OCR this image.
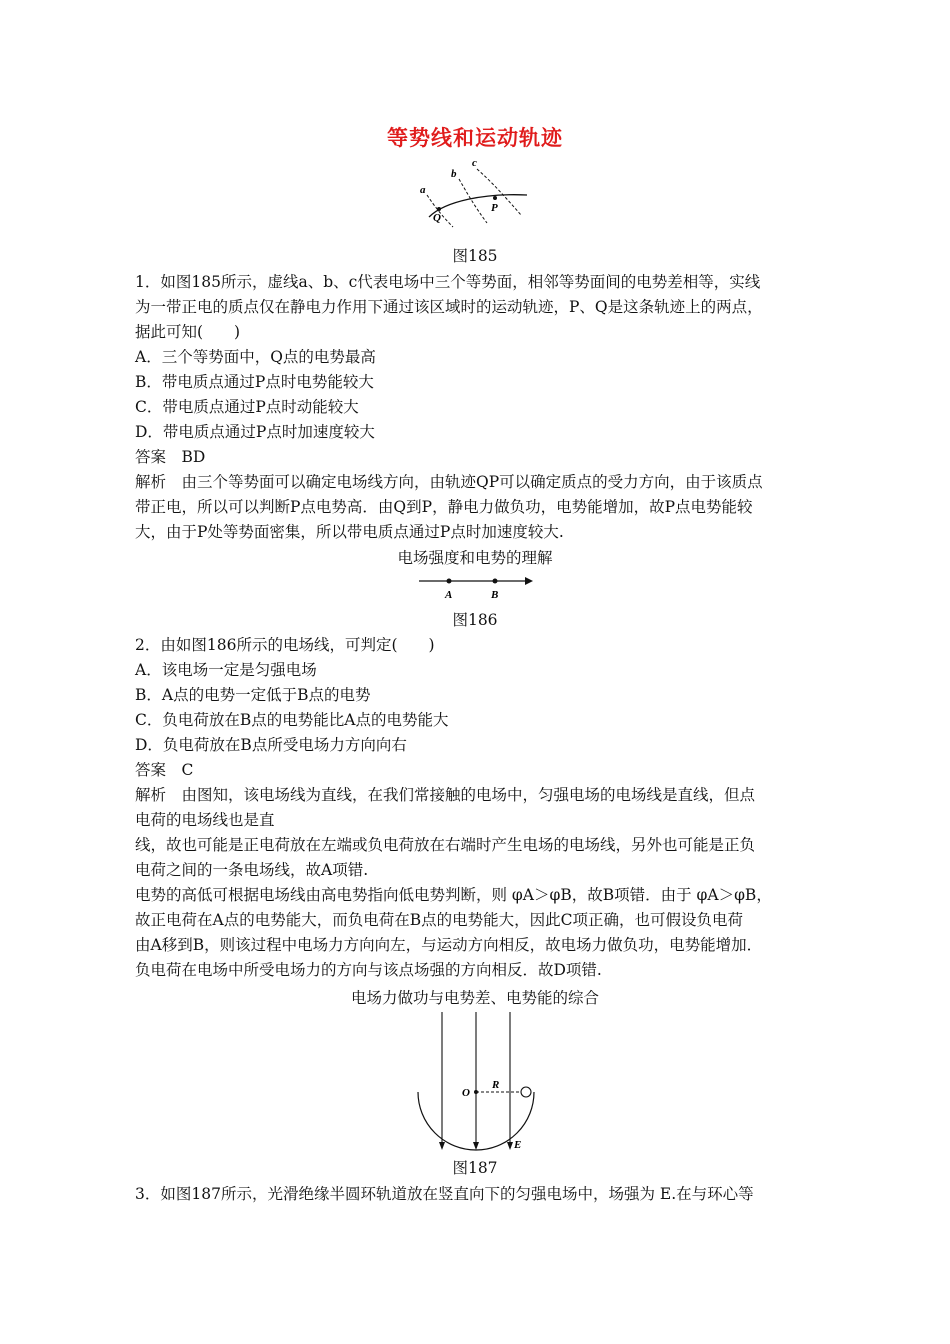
等势线和运动轨迹
a
b
c
Q
P
图185
1．如图185所示，虚线a、b、c代表电场中三个等势面，相邻等势面间的电势差相等，实线
为一带正电的质点仅在静电力作用下通过该区域时的运动轨迹，P、Q是这条轨迹上的两点，
据此可知(　　)
A．三个等势面中，Q点的电势最高
B．带电质点通过P点时电势能较大
C．带电质点通过P点时动能较大
D．带电质点通过P点时加速度较大
答案　BD
解析　由三个等势面可以确定电场线方向，由轨迹QP可以确定质点的受力方向，由于该质点
带正电，所以可以判断P点电势高．由Q到P，静电力做负功，电势能增加，故P点电势能较
大，由于P处等势面密集，所以带电质点通过P点时加速度较大.
电场强度和电势的理解
A	B
图186
2．由如图186所示的电场线，可判定(　　)
A．该电场一定是匀强电场
B．A点的电势一定低于B点的电势
C．负电荷放在B点的电势能比A点的电势能大
D．负电荷放在B点所受电场力方向向右
答案　C
解析　由图知，该电场线为直线，在我们常接触的电场中，匀强电场的电场线是直线，但点
电荷的电场线也是直
线，故也可能是正电荷放在左端或负电荷放在右端时产生电场的电场线，另外也可能是正负
电荷之间的一条电场线，故A项错.
电势的高低可根据电场线由高电势指向低电势判断，则 φA＞φB，故B项错．由于 φA＞φB，
故正电荷在A点的电势能大，而负电荷在B点的电势能大，因此C项正确，也可假设负电荷
由A移到B，则该过程中电场力方向向左，与运动方向相反，故电场力做负功，电势能增加．
负电荷在电场中所受电场力的方向与该点场强的方向相反．故D项错.
电场力做功与电势差、电势能的综合
O
R
E
图187
3．如图187所示，光滑绝缘半圆环轨道放在竖直向下的匀强电场中，场强为 E.在与环心等
